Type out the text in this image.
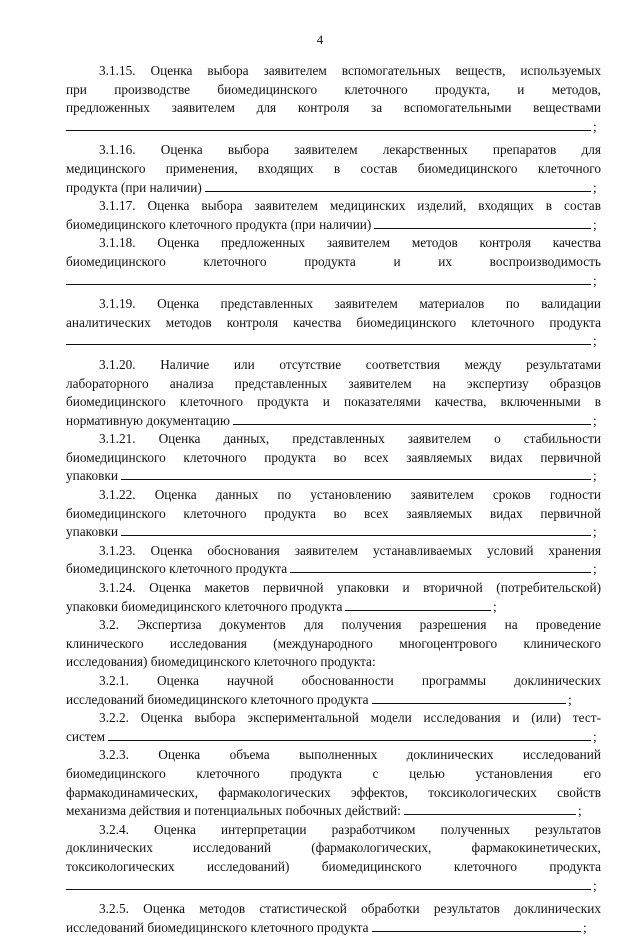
4
3.1.15. Оценка выбора заявителем вспомогательных веществ, используемых
при производстве биомедицинского клеточного продукта, и методов,
предложенных заявителем для контроля за вспомогательными веществами
;
3.1.16. Оценка выбора заявителем лекарственных препаратов для
медицинского применения, входящих в состав биомедицинского клеточного
продукта (при наличии)	;
3.1.17. Оценка выбора заявителем медицинских изделий, входящих в состав
биомедицинского клеточного продукта (при наличии)	;
3.1.18. Оценка предложенных заявителем методов контроля качества
биомедицинского клеточного продукта и их воспроизводимость
;
3.1.19. Оценка представленных заявителем материалов по валидации
аналитических методов контроля качества биомедицинского клеточного продукта
;
3.1.20. Наличие или отсутствие соответствия между результатами
лабораторного анализа представленных заявителем на экспертизу образцов
биомедицинского клеточного продукта и показателями качества, включенными в
нормативную документацию	;
3.1.21. Оценка данных, представленных заявителем о стабильности
биомедицинского клеточного продукта во всех заявляемых видах первичной
упаковки	;
3.1.22. Оценка данных по установлению заявителем сроков годности
биомедицинского клеточного продукта во всех заявляемых видах первичной
упаковки	;
3.1.23. Оценка обоснования заявителем устанавливаемых условий хранения
биомедицинского клеточного продукта	;
3.1.24. Оценка макетов первичной упаковки и вторичной (потребительской)
упаковки биомедицинского клеточного продукта	;
3.2. Экспертиза документов для получения разрешения на проведение
клинического исследования (международного многоцентрового клинического
исследования) биомедицинского клеточного продукта:
3.2.1. Оценка научной обоснованности программы доклинических
исследований биомедицинского клеточного продукта	;
3.2.2. Оценка выбора экспериментальной модели исследования и (или) тест-
систем	;
3.2.3. Оценка объема выполненных доклинических исследований
биомедицинского клеточного продукта с целью установления его
фармакодинамических, фармакологических эффектов, токсикологических свойств
механизма действия и потенциальных побочных действий:	;
3.2.4. Оценка интерпретации разработчиком полученных результатов
доклинических исследований (фармакологических, фармакокинетических,
токсикологических исследований) биомедицинского клеточного продукта
;
3.2.5. Оценка методов статистической обработки результатов доклинических
исследований биомедицинского клеточного продукта	;
